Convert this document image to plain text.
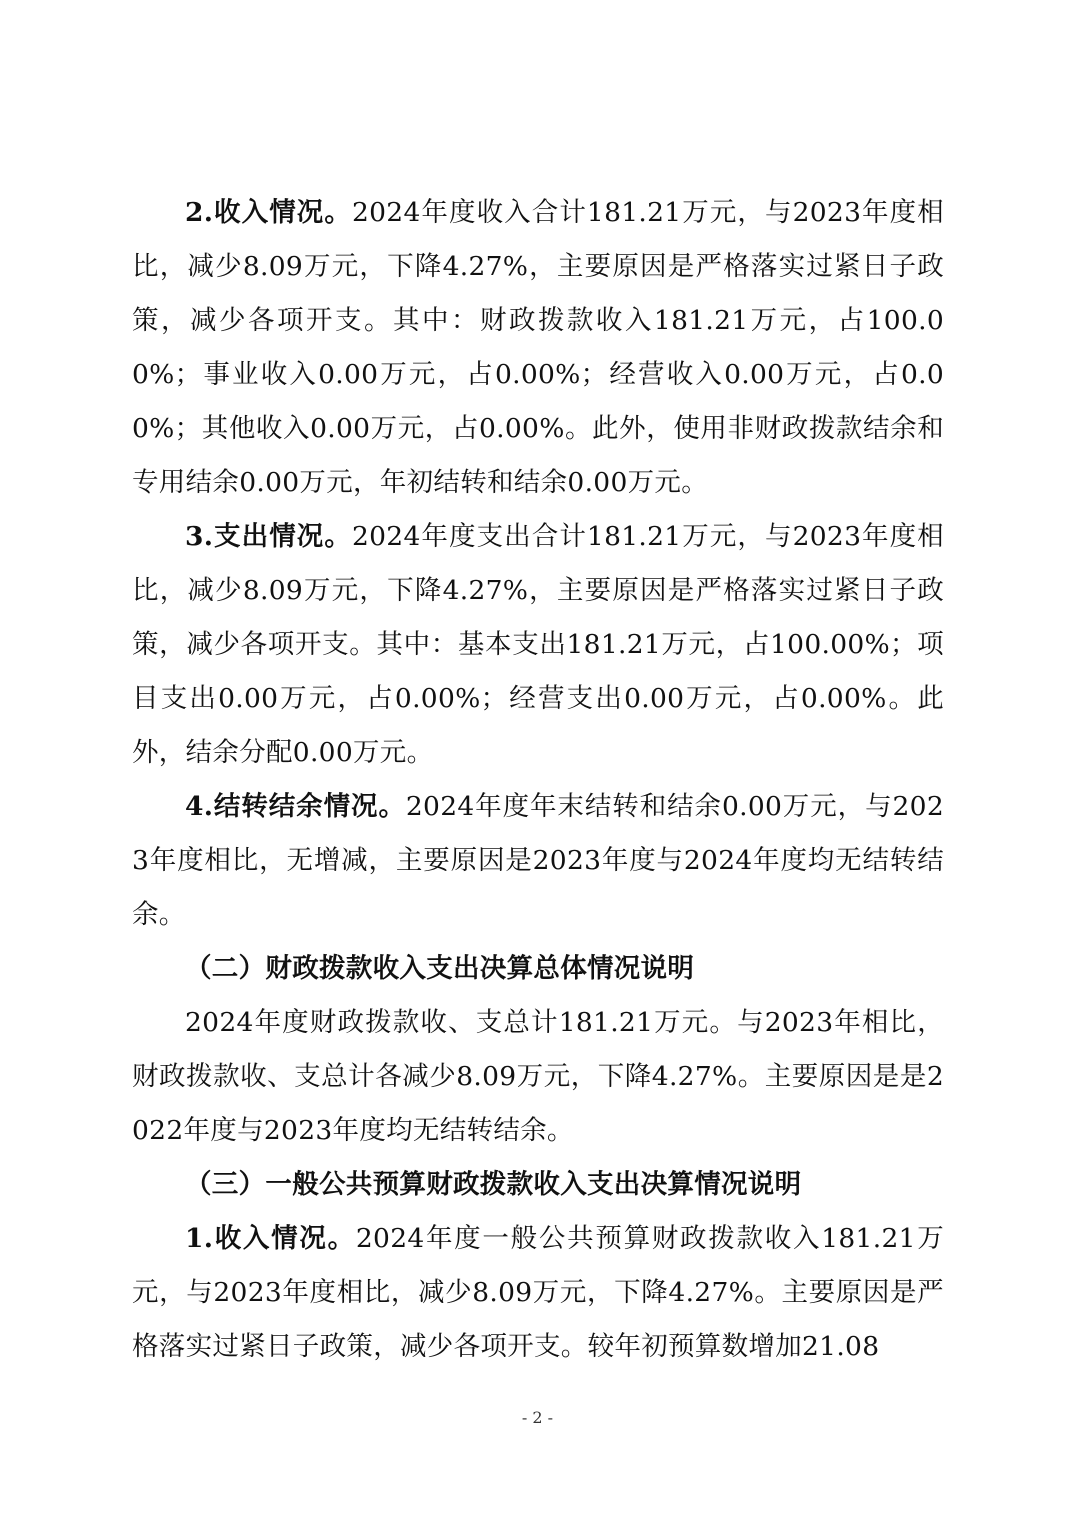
2.收入情况。2024年度收入合计181.21万元，与2023年度相比，减少8.09万元，下降4.27%，主要原因是严格落实过紧日子政策，减少各项开支。其中：财政拨款收入181.21万元，占100.00%；事业收入0.00万元，占0.00%；经营收入0.00万元，占0.00%；其他收入0.00万元，占0.00%。此外，使用非财政拨款结余和专用结余0.00万元，年初结转和结余0.00万元。

3.支出情况。2024年度支出合计181.21万元，与2023年度相比，减少8.09万元，下降4.27%，主要原因是严格落实过紧日子政策，减少各项开支。其中：基本支出181.21万元，占100.00%；项目支出0.00万元，占0.00%；经营支出0.00万元，占0.00%。此外，结余分配0.00万元。

4.结转结余情况。2024年度年末结转和结余0.00万元，与2023年度相比，无增减，主要原因是2023年度与2024年度均无结转结余。

（二）财政拨款收入支出决算总体情况说明

2024年度财政拨款收、支总计181.21万元。与2023年相比，财政拨款收、支总计各减少8.09万元，下降4.27%。主要原因是是2022年度与2023年度均无结转结余。

（三）一般公共预算财政拨款收入支出决算情况说明

1.收入情况。2024年度一般公共预算财政拨款收入181.21万元，与2023年度相比，减少8.09万元，下降4.27%。主要原因是严格落实过紧日子政策，减少各项开支。较年初预算数增加21.08

- 2 -
